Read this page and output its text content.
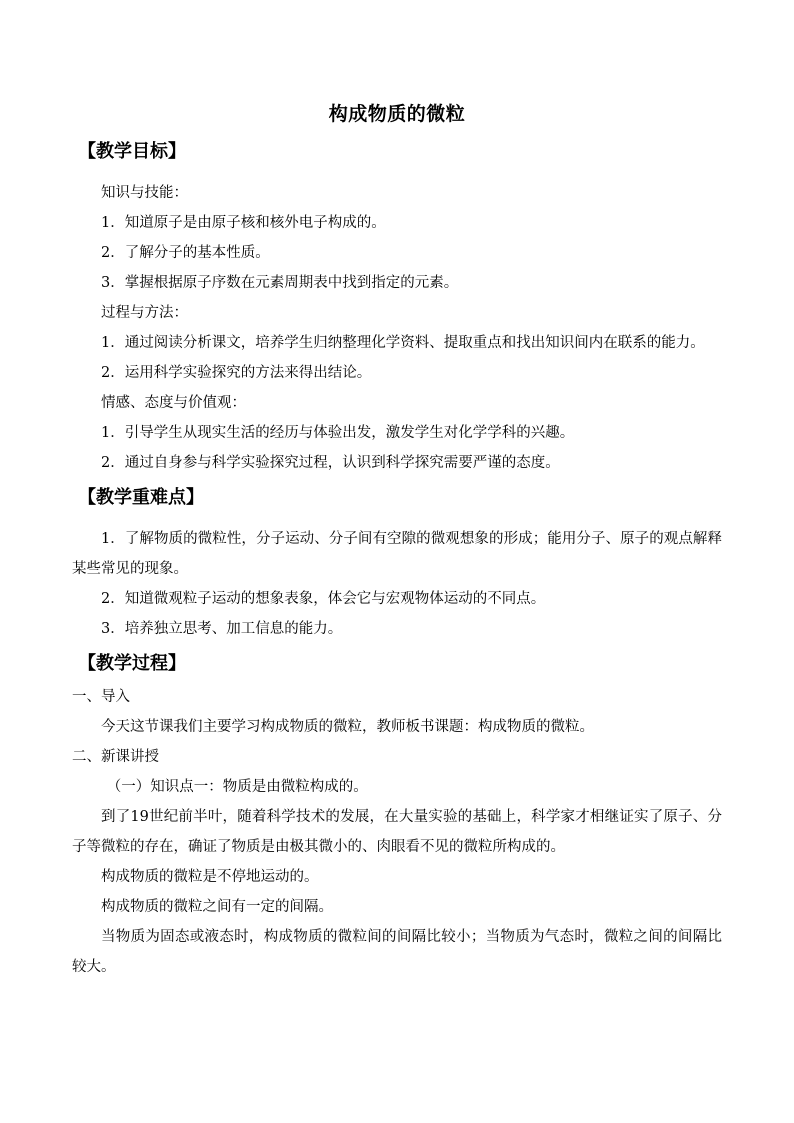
构成物质的微粒
【教学目标】
知识与技能：
1．知道原子是由原子核和核外电子构成的。
2．了解分子的基本性质。
3．掌握根据原子序数在元素周期表中找到指定的元素。
过程与方法：
1．通过阅读分析课文，培养学生归纳整理化学资料、提取重点和找出知识间内在联系的能力。
2．运用科学实验探究的方法来得出结论。
情感、态度与价值观：
1．引导学生从现实生活的经历与体验出发，激发学生对化学学科的兴趣。
2．通过自身参与科学实验探究过程，认识到科学探究需要严谨的态度。
【教学重难点】
1．了解物质的微粒性，分子运动、分子间有空隙的微观想象的形成；能用分子、原子的观点解释某些常见的现象。
2．知道微观粒子运动的想象表象，体会它与宏观物体运动的不同点。
3．培养独立思考、加工信息的能力。
【教学过程】
一、导入
今天这节课我们主要学习构成物质的微粒，教师板书课题：构成物质的微粒。
二、新课讲授
（一）知识点一：物质是由微粒构成的。
到了19世纪前半叶，随着科学技术的发展，在大量实验的基础上，科学家才相继证实了原子、分子等微粒的存在，确证了物质是由极其微小的、肉眼看不见的微粒所构成的。
构成物质的微粒是不停地运动的。
构成物质的微粒之间有一定的间隔。
当物质为固态或液态时，构成物质的微粒间的间隔比较小；当物质为气态时，微粒之间的间隔比较大。
